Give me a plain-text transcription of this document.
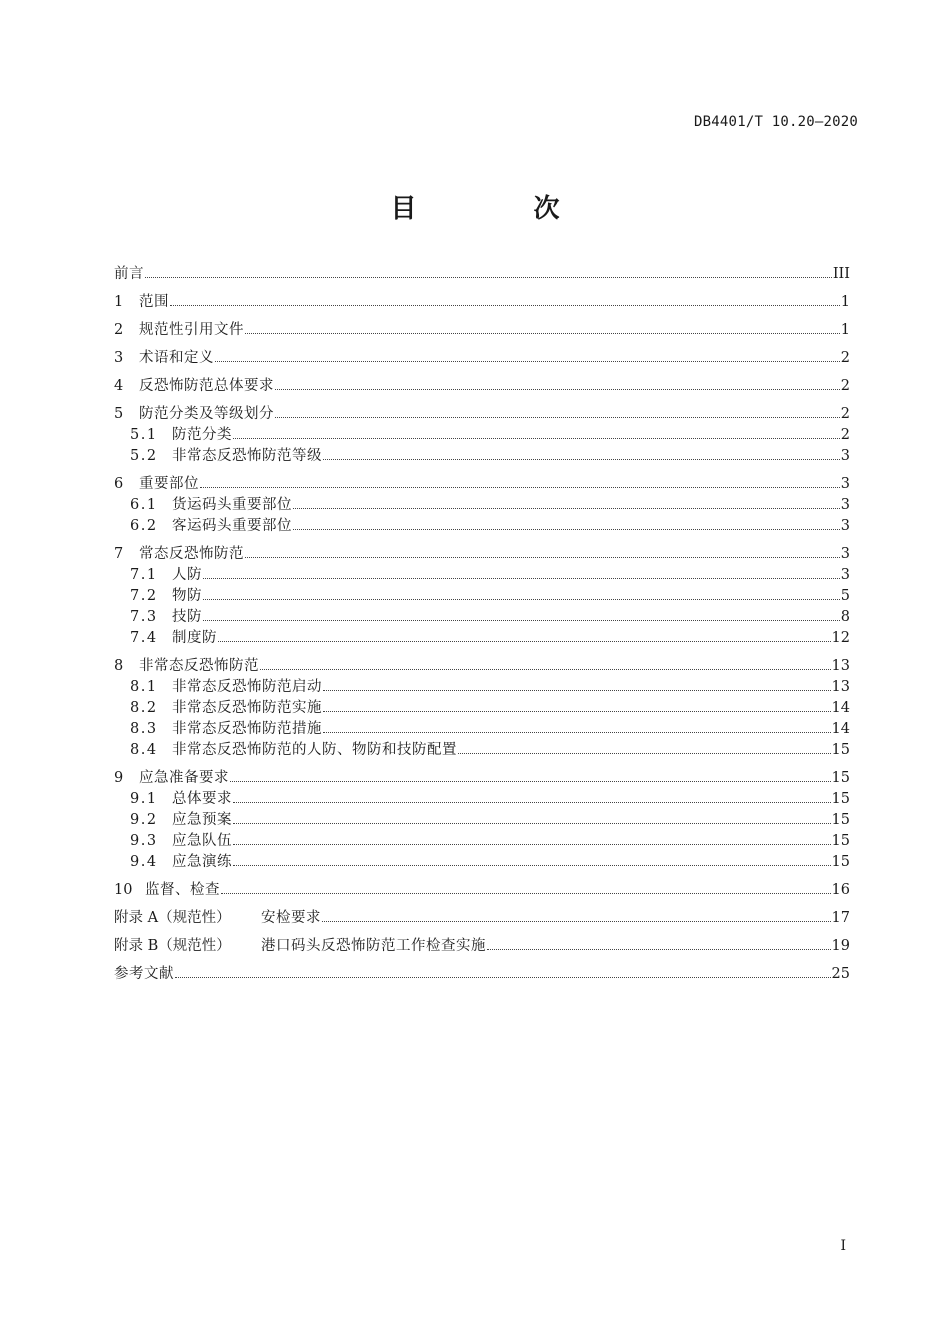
DB4401/T 10.20—2020
目 次
前言	III
1	范围	1
2	规范性引用文件	1
3	术语和定义	2
4	反恐怖防范总体要求	2
5	防范分类及等级划分	2
5.1 防范分类	2
5.2 非常态反恐怖防范等级	3
6	重要部位	3
6.1 货运码头重要部位	3
6.2 客运码头重要部位	3
7	常态反恐怖防范	3
7.1 人防	3
7.2 物防	5
7.3 技防	8
7.4 制度防	12
8	非常态反恐怖防范	13
8.1 非常态反恐怖防范启动	13
8.2 非常态反恐怖防范实施	14
8.3 非常态反恐怖防范措施	14
8.4 非常态反恐怖防范的人防、物防和技防配置	15
9	应急准备要求	15
9.1 总体要求	15
9.2 应急预案	15
9.3 应急队伍	15
9.4 应急演练	15
10 监督、检查	16
附录 A（规范性）	安检要求	17
附录 B（规范性）	港口码头反恐怖防范工作检查实施	19
参考文献	25
I
